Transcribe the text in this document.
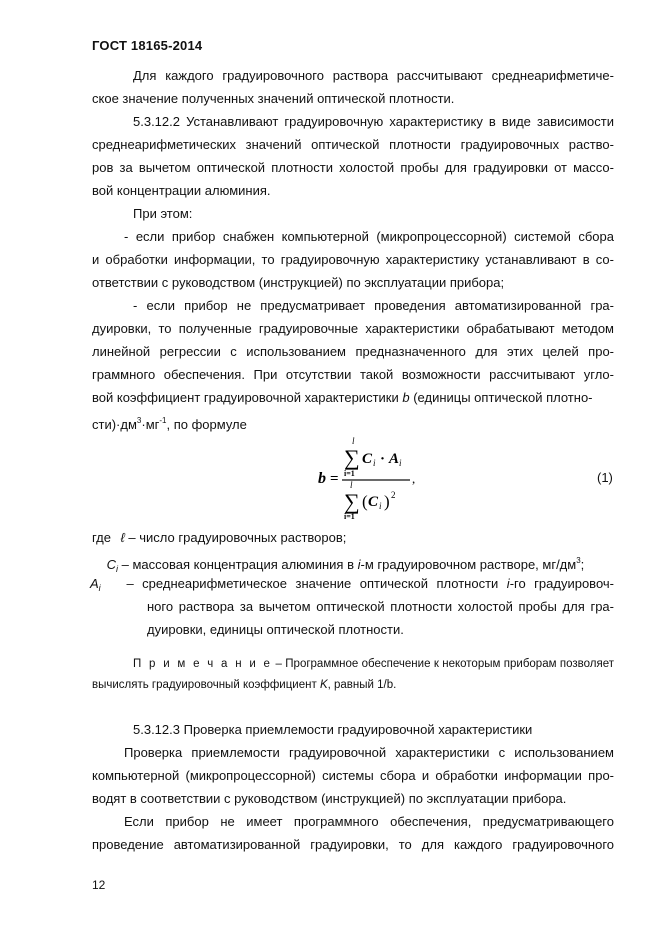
ГОСТ 18165-2014
Для каждого градуировочного раствора рассчитывают среднеарифметиче-
ское значение полученных значений оптической плотности.
5.3.12.2 Устанавливают градуировочную характеристику в виде зависимости
среднеарифметических значений оптической плотности градуировочных раство-
ров за вычетом оптической плотности холостой пробы для градуировки от массо-
вой концентрации алюминия.
При этом:
- если прибор снабжен компьютерной (микропроцессорной) системой сбора
и обработки информации, то градуировочную характеристику устанавливают в со-
ответствии с руководством (инструкцией) по эксплуатации прибора;
- если прибор не предусматривает проведения автоматизированной гра-
дуировки, то полученные градуировочные характеристики обрабатывают методом
линейной регрессии с использованием предназначенного для этих целей про-
граммного обеспечения. При отсутствии такой возможности рассчитывают угло-
вой коэффициент градуировочной характеристики b (единицы оптической плотно-
$сти)\cdot дм^3\cdot мг^{-1}$, по формуле
b =
l
∑
i=1
C i · A i
,
l
∑
i=1
( C i ) 2
(1)
где ℓ – число градуировочных растворов;
$C_i$ – массовая концентрация алюминия в i-м градуировочном растворе, $мг/дм^3$;
$A_i$ – среднеарифметическое значение оптической плотности i-го градуировоч-
ного раствора за вычетом оптической плотности холостой пробы для гра-
дуировки, единицы оптической плотности.
П р и м е ч а н и е – Программное обеспечение к некоторым приборам позволяет
вычислять градуировочный коэффициент K, равный 1/b.
5.3.12.3 Проверка приемлемости градуировочной характеристики
Проверка приемлемости градуировочной характеристики с использованием
компьютерной (микропроцессорной) системы сбора и обработки информации про-
водят в соответствии с руководством (инструкцией) по эксплуатации прибора.
Если прибор не имеет программного обеспечения, предусматривающего
проведение автоматизированной градуировки, то для каждого градуировочного
12
